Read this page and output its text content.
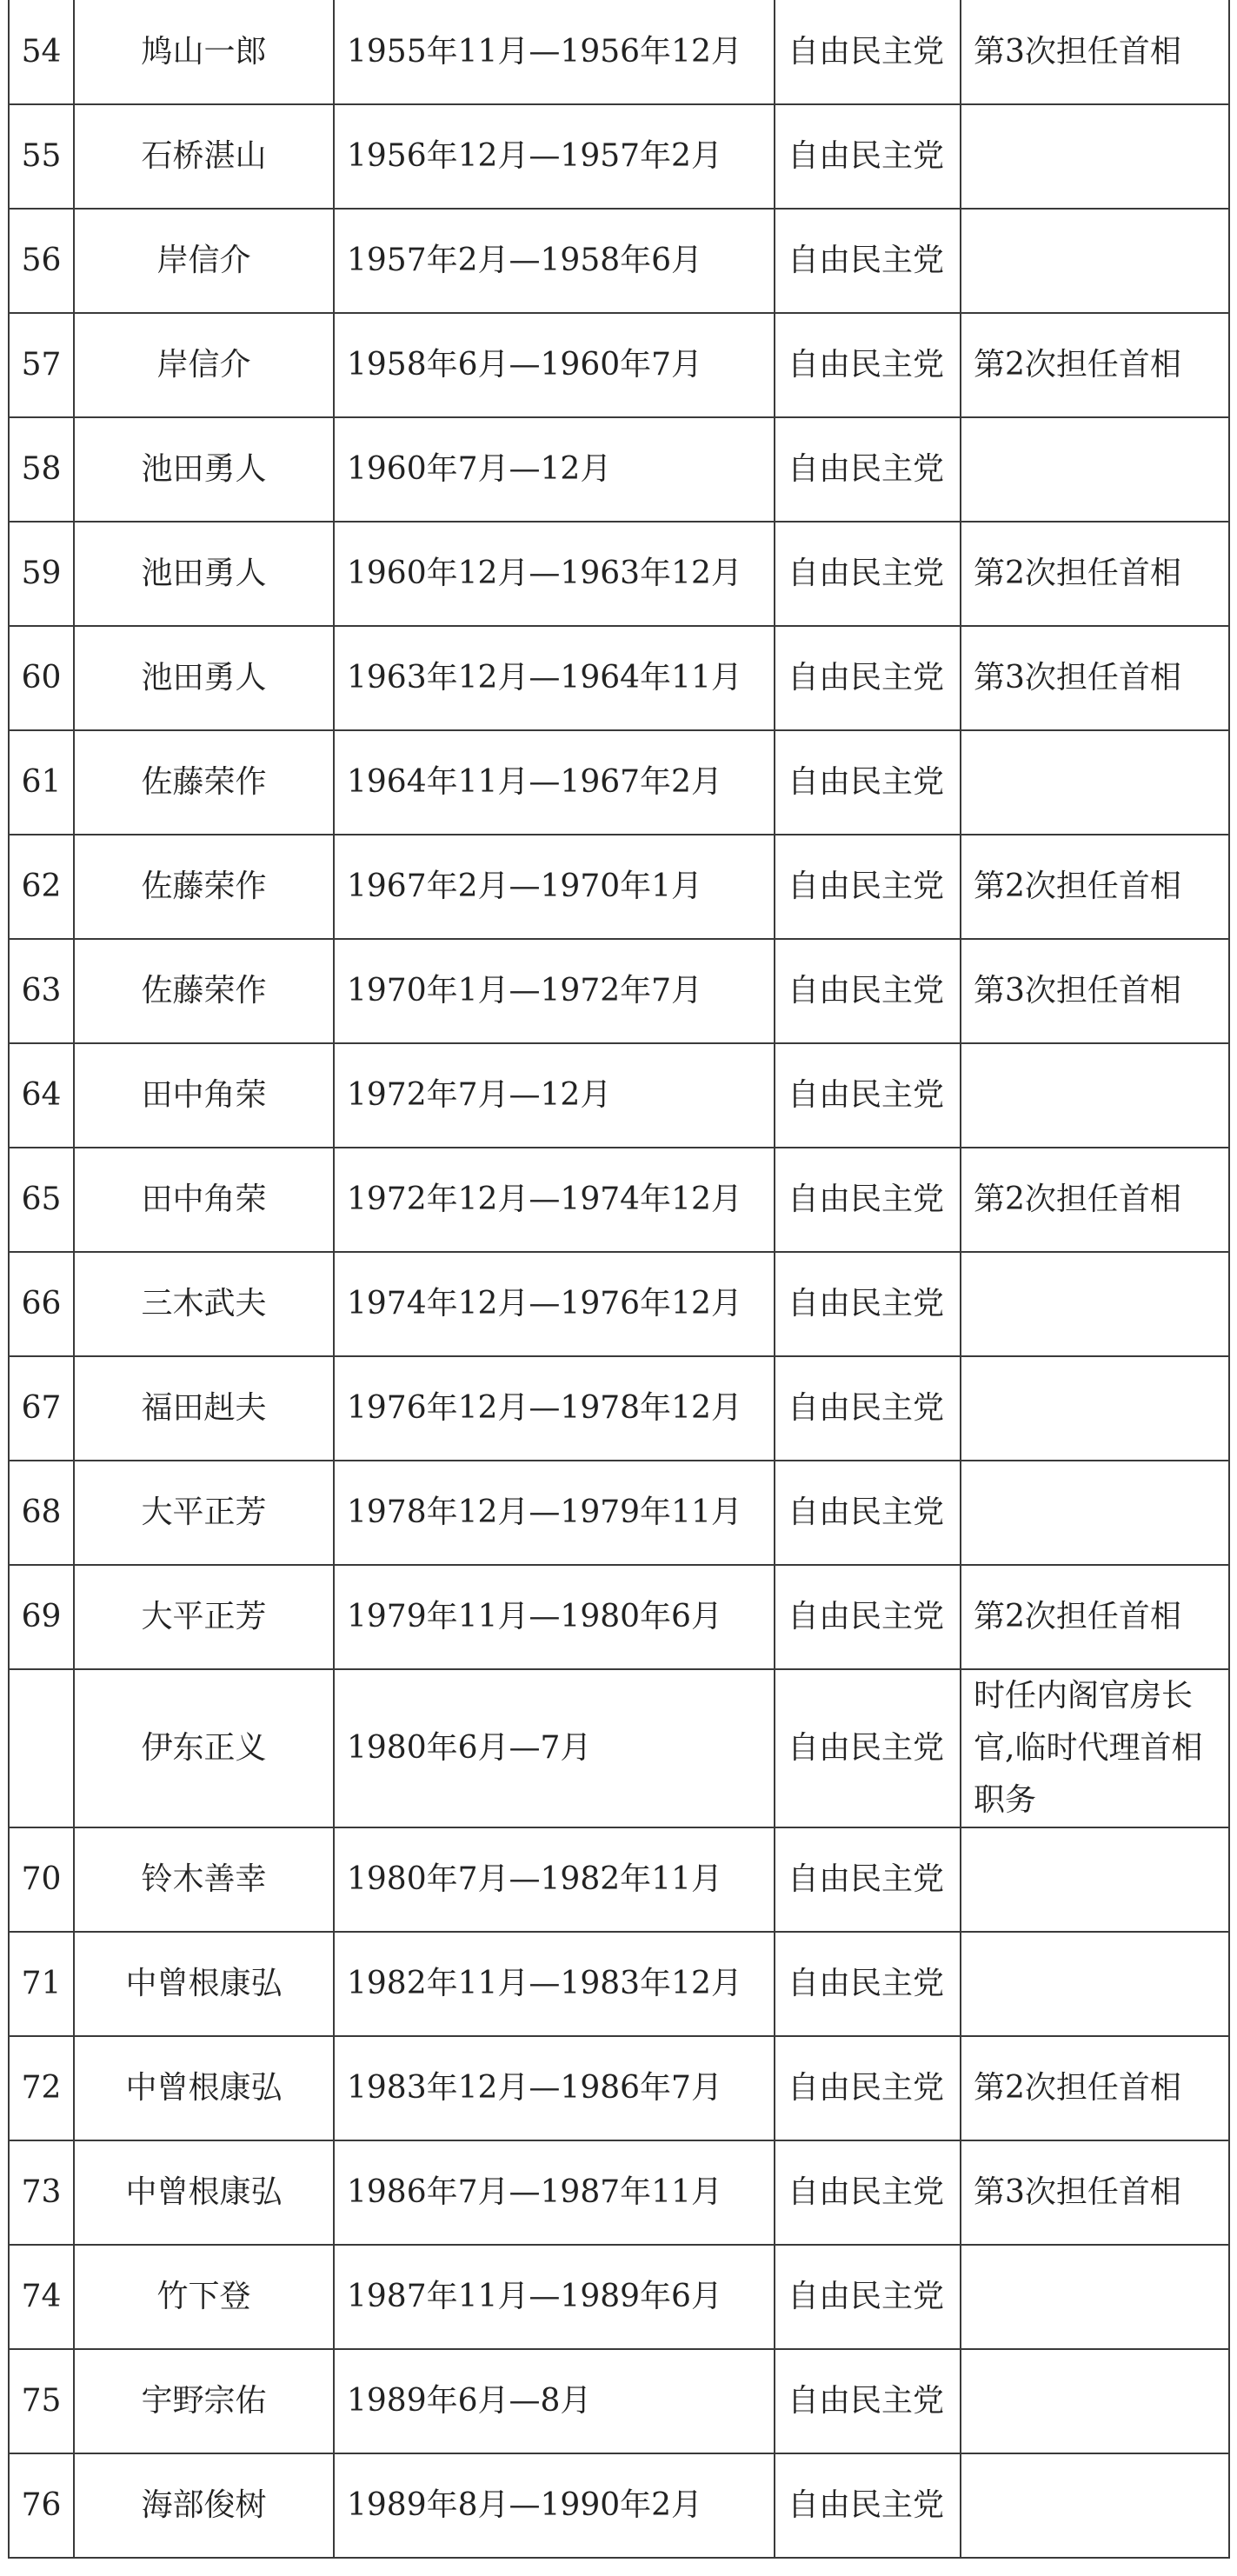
54	鸠山一郎	1955年11月—1956年12月	自由民主党	第3次担任首相
55	石桥湛山	1956年12月—1957年2月	自由民主党	
56	岸信介	1957年2月—1958年6月	自由民主党	
57	岸信介	1958年6月—1960年7月	自由民主党	第2次担任首相
58	池田勇人	1960年7月—12月	自由民主党	
59	池田勇人	1960年12月—1963年12月	自由民主党	第2次担任首相
60	池田勇人	1963年12月—1964年11月	自由民主党	第3次担任首相
61	佐藤荣作	1964年11月—1967年2月	自由民主党	
62	佐藤荣作	1967年2月—1970年1月	自由民主党	第2次担任首相
63	佐藤荣作	1970年1月—1972年7月	自由民主党	第3次担任首相
64	田中角荣	1972年7月—12月	自由民主党	
65	田中角荣	1972年12月—1974年12月	自由民主党	第2次担任首相
66	三木武夫	1974年12月—1976年12月	自由民主党	
67	福田赳夫	1976年12月—1978年12月	自由民主党	
68	大平正芳	1978年12月—1979年11月	自由民主党	
69	大平正芳	1979年11月—1980年6月	自由民主党	第2次担任首相
	伊东正义	1980年6月—7月	自由民主党	时任内阁官房长官,临时代理首相职务
70	铃木善幸	1980年7月—1982年11月	自由民主党	
71	中曾根康弘	1982年11月—1983年12月	自由民主党	
72	中曾根康弘	1983年12月—1986年7月	自由民主党	第2次担任首相
73	中曾根康弘	1986年7月—1987年11月	自由民主党	第3次担任首相
74	竹下登	1987年11月—1989年6月	自由民主党	
75	宇野宗佑	1989年6月—8月	自由民主党	
76	海部俊树	1989年8月—1990年2月	自由民主党	
